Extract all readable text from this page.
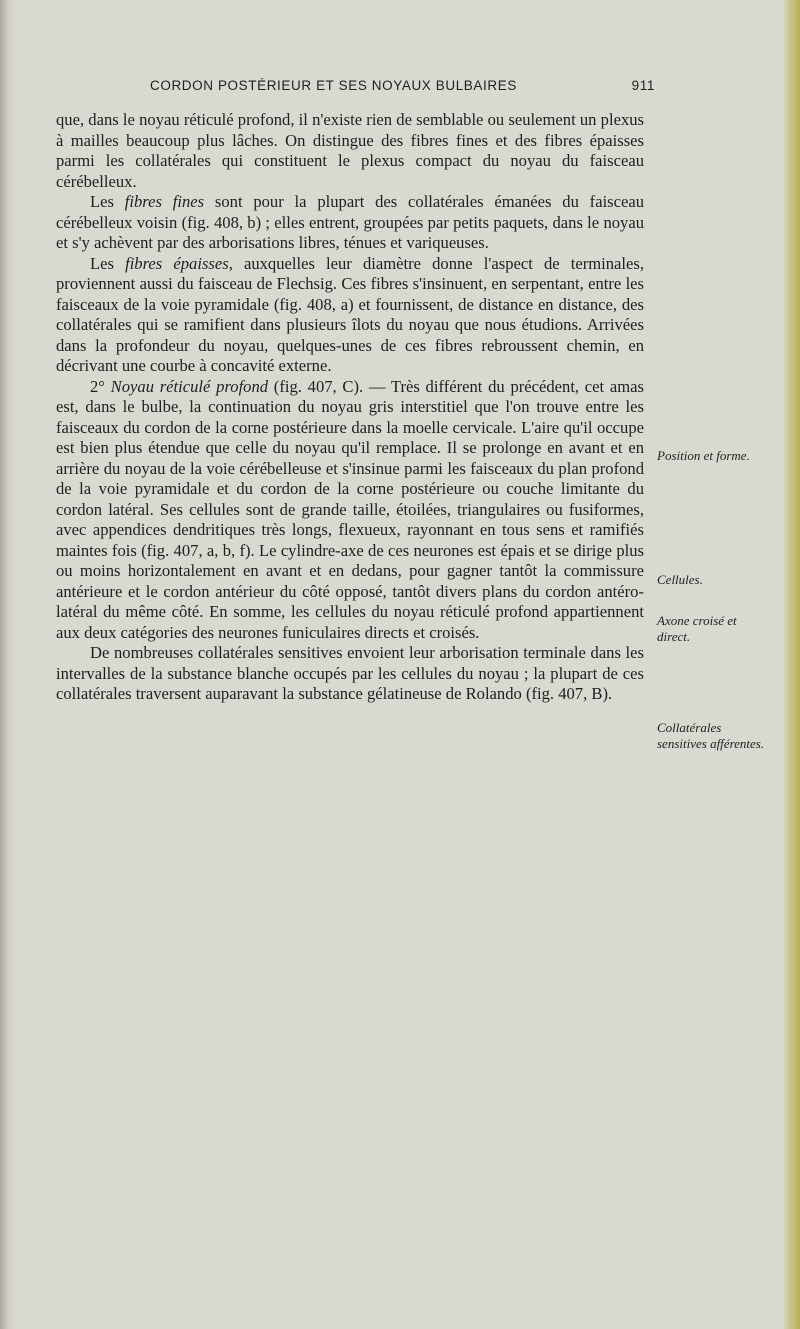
CORDON POSTÉRIEUR ET SES NOYAUX BULBAIRES	911

que, dans le noyau réticulé profond, il n'existe rien de semblable ou seulement un plexus à mailles beaucoup plus lâches. On distingue des fibres fines et des fibres épaisses parmi les collatérales qui constituent le plexus compact du noyau du faisceau cérébelleux.

Les fibres fines sont pour la plupart des collatérales émanées du faisceau cérébelleux voisin (fig. 408, b) ; elles entrent, groupées par petits paquets, dans le noyau et s'y achèvent par des arborisations libres, ténues et variqueuses.

Les fibres épaisses, auxquelles leur diamètre donne l'aspect de terminales, proviennent aussi du faisceau de Flechsig. Ces fibres s'insinuent, en serpentant, entre les faisceaux de la voie pyramidale (fig. 408, a) et fournissent, de distance en distance, des collatérales qui se ramifient dans plusieurs îlots du noyau que nous étudions. Arrivées dans la profondeur du noyau, quelques-unes de ces fibres rebroussent chemin, en décrivant une courbe à concavité externe.

2° Noyau réticulé profond (fig. 407, C). — Très différent du précédent, cet amas est, dans le bulbe, la continuation du noyau gris interstitiel que l'on trouve entre les faisceaux du cordon de la corne postérieure dans la moelle cervicale. L'aire qu'il occupe est bien plus étendue que celle du noyau qu'il remplace. Il se prolonge en avant et en arrière du noyau de la voie cérébelleuse et s'insinue parmi les faisceaux du plan profond de la voie pyramidale et du cordon de la corne postérieure ou couche limitante du cordon latéral. Ses cellules sont de grande taille, étoilées, triangulaires ou fusiformes, avec appendices dendritiques très longs, flexueux, rayonnant en tous sens et ramifiés maintes fois (fig. 407, a, b, f). Le cylindre-axe de ces neurones est épais et se dirige plus ou moins horizontalement en avant et en dedans, pour gagner tantôt la commissure antérieure et le cordon antérieur du côté opposé, tantôt divers plans du cordon antéro-latéral du même côté. En somme, les cellules du noyau réticulé profond appartiennent aux deux catégories des neurones funiculaires directs et croisés.

De nombreuses collatérales sensitives envoient leur arborisation terminale dans les intervalles de la substance blanche occupés par les cellules du noyau ; la plupart de ces collatérales traversent auparavant la substance gélatineuse de Rolando (fig. 407, B).

Position et forme.
Cellules.
Axone croisé et direct.
Collatérales sensitives afférentes.
